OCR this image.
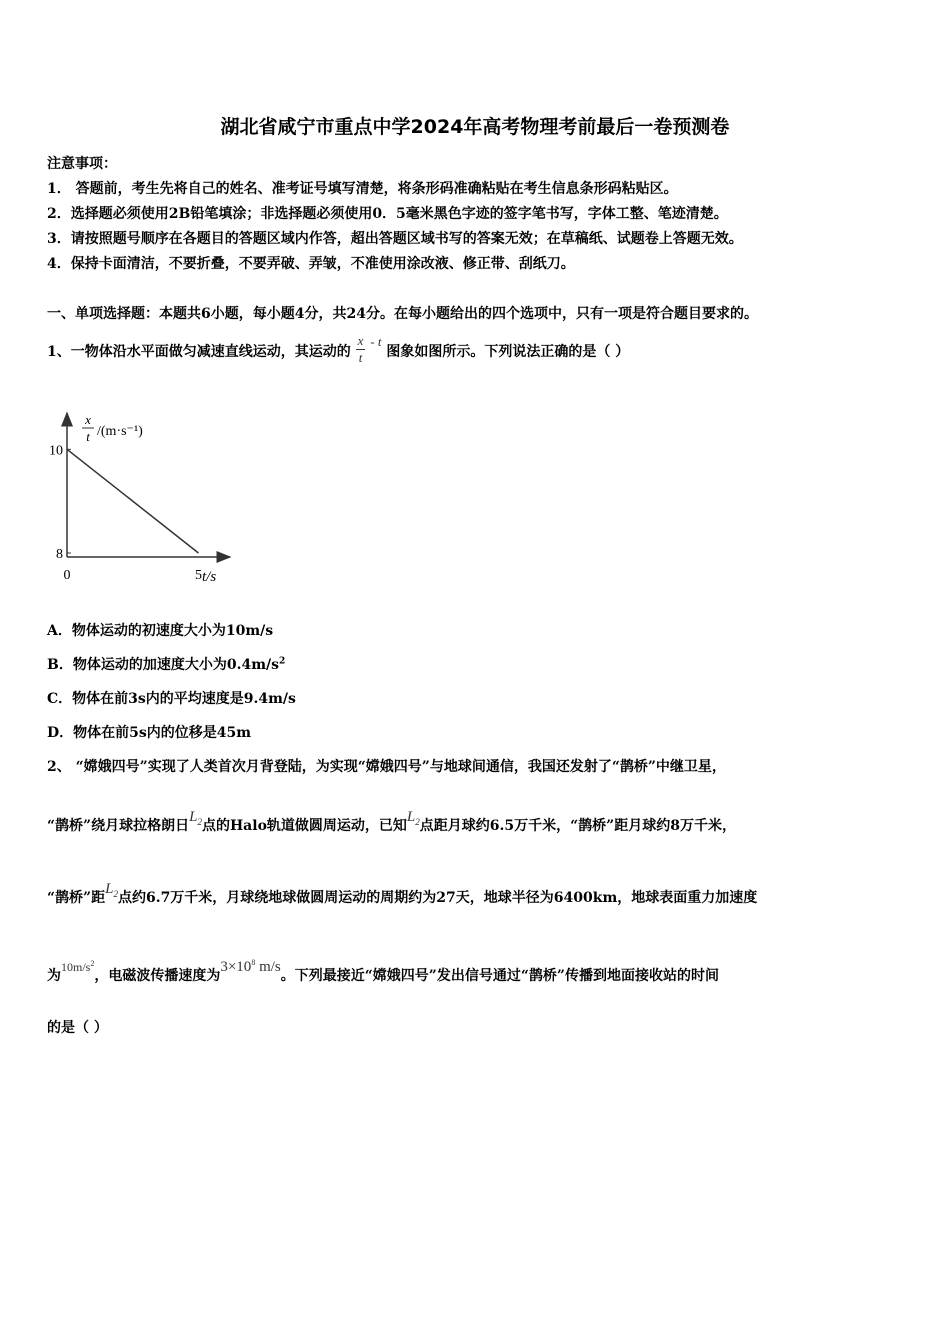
湖北省咸宁市重点中学2024年高考物理考前最后一卷预测卷
注意事项：
1． 答题前，考生先将自己的姓名、准考证号填写清楚，将条形码准确粘贴在考生信息条形码粘贴区。
2．选择题必须使用2B铅笔填涂；非选择题必须使用0．5毫米黑色字迹的签字笔书写，字体工整、笔迹清楚。
3．请按照题号顺序在各题目的答题区域内作答，超出答题区域书写的答案无效；在草稿纸、试题卷上答题无效。
4．保持卡面清洁，不要折叠，不要弄破、弄皱，不准使用涂改液、修正带、刮纸刀。
一、单项选择题：本题共6小题，每小题4分，共24分。在每小题给出的四个选项中，只有一项是符合题目要求的。
1、一物体沿水平面做匀减速直线运动，其运动的 $\frac{x}{t}$ - t 图象如图所示。下列说法正确的是（ ）
x
t /(m·s⁻¹)
t/s
10
8
0	5
A．物体运动的初速度大小为10m/s
B．物体运动的加速度大小为$0.4m/s^2$
C．物体在前3s内的平均速度是9.4m/s
D．物体在前5s内的位移是45m
2、 “嫦娥四号”实现了人类首次月背登陆，为实现“嫦娥四号”与地球间通信，我国还发射了“鹊桥”中继卫星，
“鹊桥”绕月球拉格朗日$L_2$点的Halo轨道做圆周运动，已知$L_2$点距月球约6.5万千米，“鹊桥”距月球约8万千米，
“鹊桥”距$L_2$点约6.7万千米，月球绕地球做圆周运动的周期约为27天，地球半径为6400km，地球表面重力加速度
为$10m/s^2$，电磁波传播速度为$3\times 10^8$ m/s。下列最接近“嫦娥四号”发出信号通过“鹊桥”传播到地面接收站的时间
的是（ ）
